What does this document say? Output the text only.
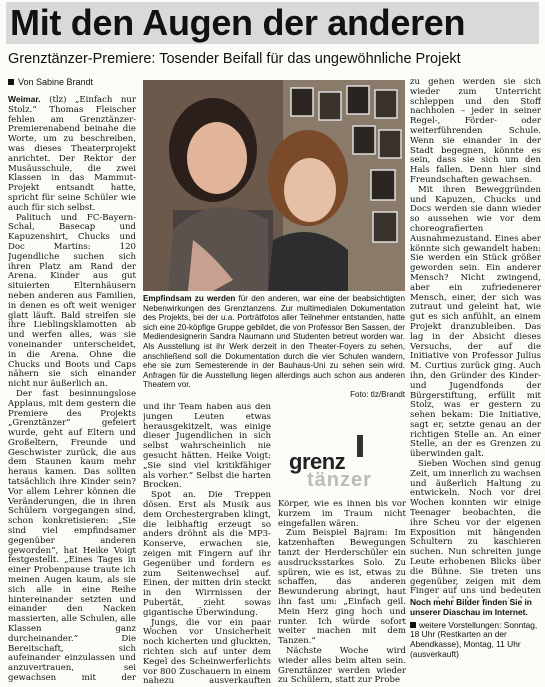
Mit den Augen der anderen
Grenztänzer-Premiere: Tosender Beifall für das ungewöhnliche Projekt
Von Sabine Brandt

Weimar. (tlz) „Einfach nur Stolz.“ Thomas Fleischer fehlen am Grenztänzer-Premierenabend beinahe die Worte, um zu beschreiben, was dieses Theaterprojekt anrichtet. Der Rektor der Musäusschule, die zwei Klassen in das Mammut-Projekt entsandt hatte, spricht für seine Schüler wie auch für sich selbst.

Palituch und FC-Bayern-Schal, Basecap und Kapuzenshirt, Chucks und Doc Martins: 120 Jugendliche suchen sich ihren Platz am Rand der Arena. Kinder aus gut situierten Elternhäusern neben anderen aus Familien, in denen es oft weit weniger glatt läuft. Bald streifen sie ihre Lieblingsklamotten ab und werfen alles, was sie voneinander unterscheidet, in die Arena. Ohne die Chucks und Boots und Caps nähern sie sich einander nicht nur äußerlich an.

Der fast besinnungslose Applaus, mit dem gestern die Premiere des Projekts „Grenztänzer“ gefeiert wurde, geht auf Eltern und Großeltern, Freunde und Geschwister zurück, die aus dem Staunen kaum mehr heraus kamen. Das sollten tatsächlich ihre Kinder sein? Vor allem Lehrer können die Veränderungen, die in ihren Schülern vorgegangen sind, schon konkretisieren: „Sie sind viel empfindsamer gegenüber anderen geworden“, hat Heike Voigt festgestellt. „Eines Tages in einer Probenpause traute ich meinen Augen kaum, als sie sich alle in eine Reihe hintereinander setzten und einander den Nacken massierten, alle Schulen, alle Klassen ganz durcheinander.“ Die Bereitschaft, sich aufeinander einzulassen und anzuvertrauen, sei gewachsen mit der

Empfindsam zu werden für den anderen, war eine der beabsichtigten Nebenwirkungen des Grenztanzens. Zur multimedialen Dokumentation des Projekts, bei der u.a. Porträtfotos aller Teilnehmer entstanden, hatte sich eine 20-köpfige Gruppe gebildet, die von Professor Ben Sassen, der Mediendesignerin Sandra Naumann und Studenten betreut worden war. Als Ausstellung ist ihr Werk derzeit in den Theater-Foyers zu sehen, anschließend soll die Dokumentation durch die vier Schulen wandern, ehe sie zum Semesterende in der Bauhaus-Uni zu sehen sein wird. Anfragen für die Ausstellung liegen allerdings auch schon aus anderen Theatern vor.
Foto: tlz/Brandt

und ihr Team haben aus den jungen Leuten etwas herausgekitzelt, was einige dieser Jugendlichen in sich selbst wahrscheinlich nie gesucht hätten. Heike Voigt: „Sie sind viel kritikfähiger als vorher.“ Selbst die harten Brocken.

Spot an. Die Treppen dösen. Erst als Musik aus dem Orchestergraben klingt, die leibhaftig erzeugt so anders dröhnt als die MP3-Konserve, erwachen sie, zeigen mit Fingern auf ihr Gegenüber und fordern es zum Seitenwechsel auf. Einen, der mitten drin steckt in den Wirrnissen der Pubertät, zieht sowas gigantische Überwindung.

Jungs, die vor ein paar Wochen vor Unsicherheit noch kicherten und gluckten, richten sich auf unter dem Kegel des Scheinwerferlichts vor 800 Zuschauern in einem nahezu ausverkauften

grenz
tänzer

Körper, wie es ihnen bis vor kurzem im Traum nicht eingefallen wären.

Zum Beispiel Bajram: Im katzenhaften Bewegungen tanzt der Herderschüler ein ausdrucksstarkes Solo. Zu spüren, wie es ist, etwas zu schaffen, das anderen Bewunderung abringt, haut ihn fast um: „Einfach geil. Mein Herz ging hoch und runter. Ich würde sofort weiter machen mit dem Tanzen.“

Nächste Woche wird wieder alles beim alten sein. Grenztänzer werden wieder zu Schülern, statt zur Probe

zu gehen werden sie sich wieder zum Unterricht schleppen und den Stoff nachholen – jeder in seiner Regel-, Förder- oder weiterführenden Schule. Wenn sie einander in der Stadt begegnen, könnte es sein, dass sie sich um den Hals fallen. Denn hier sind Freundschaften gewachsen.

Mit ihren Beweggründen und Kapuzen, Chucks und Docs werden sie dann wieder so aussehen wie vor dem choreografierten Ausnahmezustand. Eines aber könnte sich gewandelt haben: Sie werden ein Stück größer geworden sein. Ein anderer Mensch? Nicht zwingend, aber ein zufriedenerer Mensch, einer, der sich was zutraut und geleint hat, wie gut es sich anfühlt, an einem Projekt dranzubleiben. Das lag in der Absicht dieses Versuchs, der auf die Initiative von Professor Julius M. Curtius zurück ging. Auch ihn, den Gründer des Kinder- und Jugendfonds der Bürgerstiftung, erfüllt mit Stolz, was er gestern zu sehen bekam: Die Initiative, sagt er, setzte genau an der richtigen Stelle an. An einer Stelle, an der es Grenzen zu überwinden galt.

Sieben Wochen sind genug Zeit, um innerlich zu wachsen und äußerlich Haltung zu entwickeln. Noch vor drei Wochen konnten wir einige Teenager beobachten, die ihre Scheu vor der eigenen Exposition mit hängenden Schultern zu kaschieren suchen. Nun schreiten junge Leute erhobenen Blicks über die Bühne. Sie treten uns gegenüber, zeigen mit dem Finger auf uns und bedeuten

Noch mehr Bilder finden Sie in unserer Diaschau im Internet.

weitere Vorstellungen: Sonntag, 18 Uhr (Restkarten an der Abendkasse), Montag, 11 Uhr (ausverkauft)
